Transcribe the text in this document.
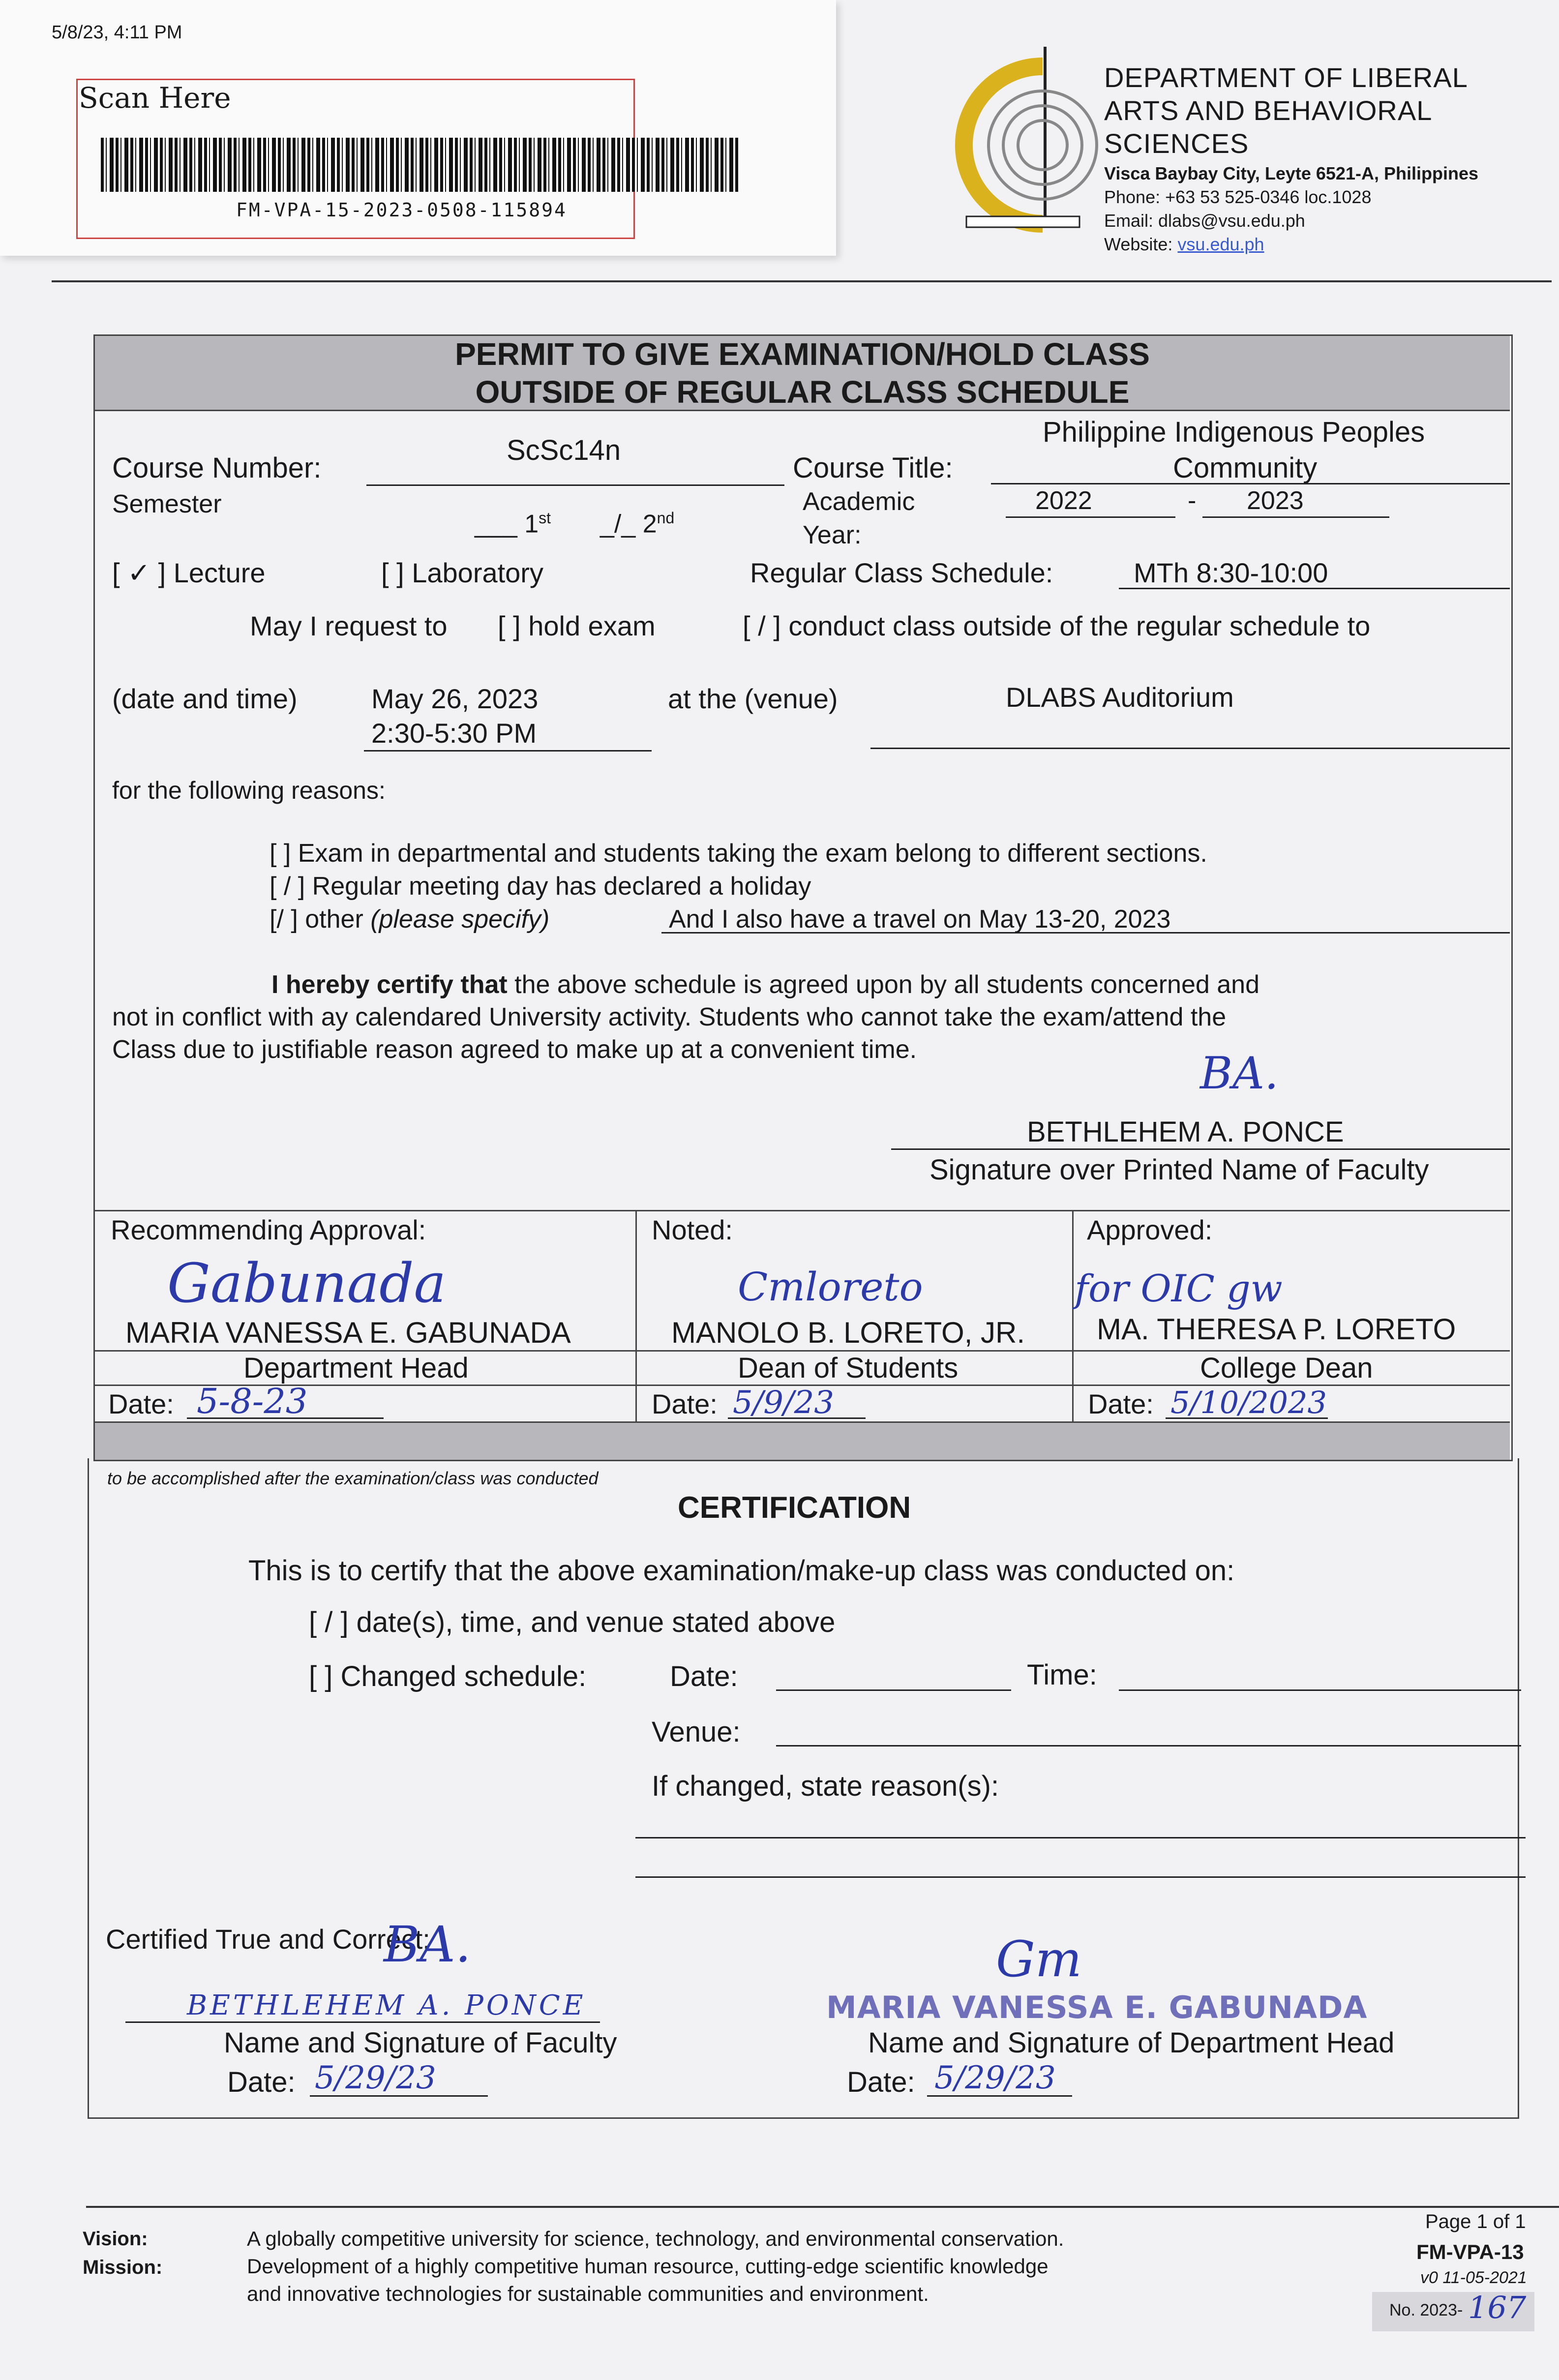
5/8/23, 4:11 PM
Scan Here
FM-VPA-15-2023-0508-115894
DEPARTMENT OF LIBERAL
ARTS AND BEHAVIORAL
SCIENCES
Visca Baybay City, Leyte 6521-A, Philippines
Phone: +63 53 525-0346 loc.1028
Email: dlabs@vsu.edu.ph
Website: vsu.edu.ph
PERMIT TO GIVE EXAMINATION/HOLD CLASS
OUTSIDE OF REGULAR CLASS SCHEDULE
Course Number:
ScSc14n
Course Title:
Philippine Indigenous Peoples
Community
Semester
___ 1st _/_ 2nd
Academic
Year:
2022	- 2023
[ ✓ ] Lecture	[ ] Laboratory	Regular Class Schedule:	MTh 8:30-10:00
May I request to [ ] hold exam	[ / ] conduct class outside of the regular schedule to
(date and time)	May 26, 2023
2:30-5:30 PM
at the (venue)	DLABS Auditorium
for the following reasons:
[ ] Exam in departmental and students taking the exam belong to different sections.
[ / ] Regular meeting day has declared a holiday
[/ ] other (please specify)	And I also have a travel on May 13-20, 2023
I hereby certify that the above schedule is agreed upon by all students concerned and
not in conflict with ay calendared University activity. Students who cannot take the exam/attend the
Class due to justifiable reason agreed to make up at a convenient time.	BA.
BETHLEHEM A. PONCE
Signature over Printed Name of Faculty
Recommending Approval:
Gabunada
MARIA VANESSA E. GABUNADA
Department Head
Date: 5-8-23
Noted:
Cmloreto
MANOLO B. LORETO, JR.
Dean of Students
Date: 5/9/23
Approved:
for OIC gw
MA. THERESA P. LORETO
College Dean
Date: 5/10/2023
to be accomplished after the examination/class was conducted
CERTIFICATION
This is to certify that the above examination/make-up class was conducted on:
[ / ] date(s), time, and venue stated above
[ ] Changed schedule:	Date:	Time:
Venue:
If changed, state reason(s):
Certified True and Correct:
BA.
BETHLEHEM A. PONCE
Name and Signature of Faculty
Date: 5/29/23
Gm
MARIA VANESSA E. GABUNADA
Name and Signature of Department Head
Date: 5/29/23
Vision:	A globally competitive university for science, technology, and environmental conservation.
Mission:	Development of a highly competitive human resource, cutting-edge scientific knowledge
and innovative technologies for sustainable communities and environment.
Page 1 of 1
FM-VPA-13
v0 11-05-2021
No. 2023- 167
